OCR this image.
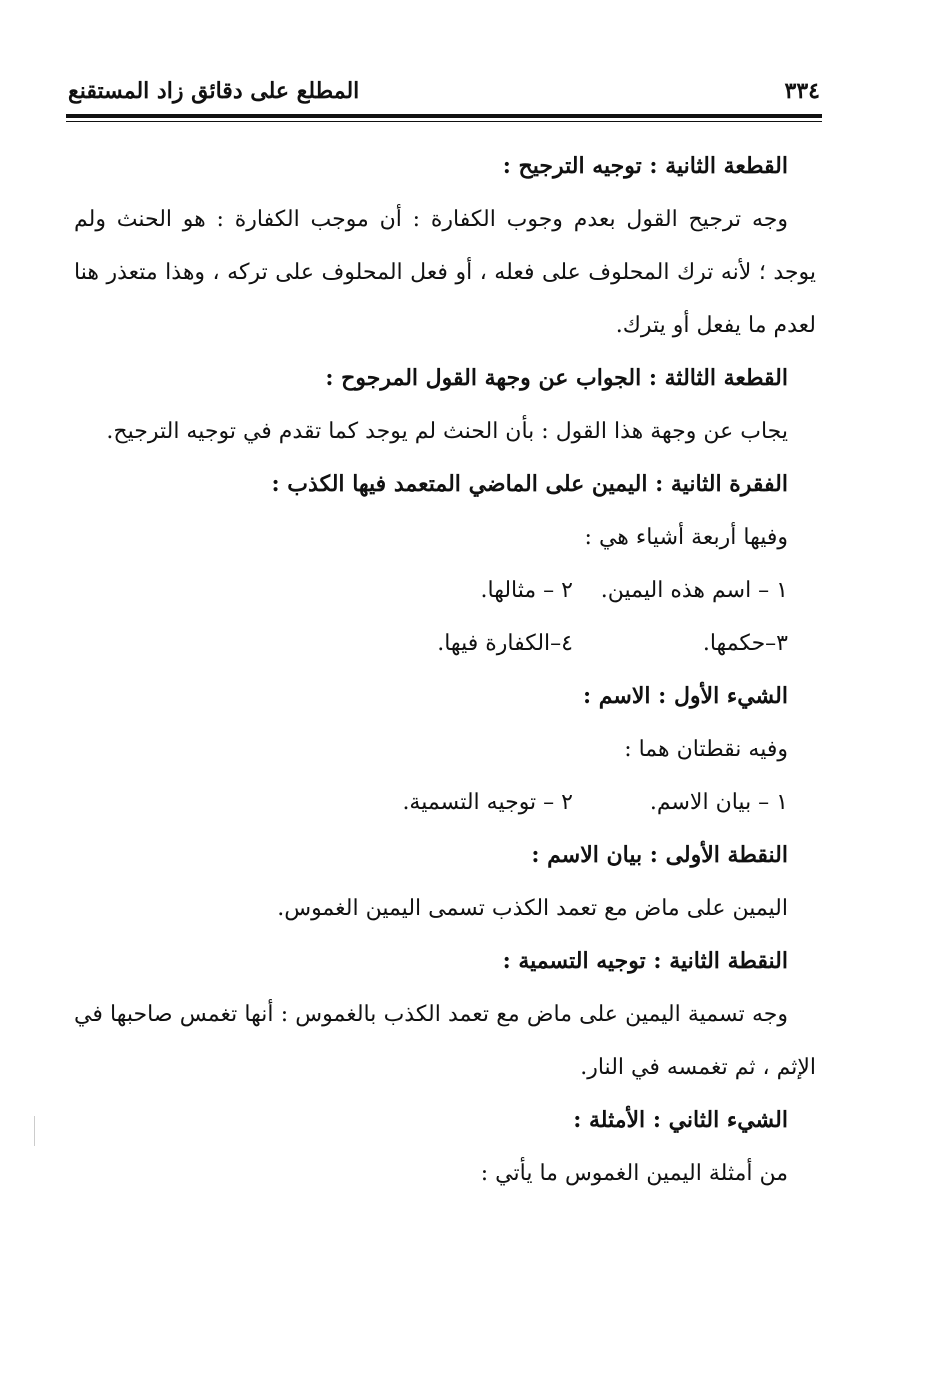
٣٣٤
المطلع على دقائق زاد المستقنع

القطعة الثانية : توجيه الترجيح :

وجه ترجيح القول بعدم وجوب الكفارة : أن موجب الكفارة : هو الحنث ولم يوجد ؛ لأنه ترك المحلوف على فعله ، أو فعل المحلوف على تركه ، وهذا متعذر هنا لعدم ما يفعل أو يترك.

القطعة الثالثة : الجواب عن وجهة القول المرجوح :

يجاب عن وجهة هذا القول : بأن الحنث لم يوجد كما تقدم في توجيه الترجيح.

الفقرة الثانية : اليمين على الماضي المتعمد فيها الكذب :

وفيها أربعة أشياء هي :

١ – اسم هذه اليمين.
٢ – مثالها.
٣–حكمها.
٤–الكفارة فيها.

الشيء الأول : الاسم :

وفيه نقطتان هما :

١ – بيان الاسم.
٢ – توجيه التسمية.

النقطة الأولى : بيان الاسم :

اليمين على ماض مع تعمد الكذب تسمى اليمين الغموس.

النقطة الثانية : توجيه التسمية :

وجه تسمية اليمين على ماض مع تعمد الكذب بالغموس : أنها تغمس صاحبها في الإثم ، ثم تغمسه في النار.

الشيء الثاني : الأمثلة :

من أمثلة اليمين الغموس ما يأتي :
